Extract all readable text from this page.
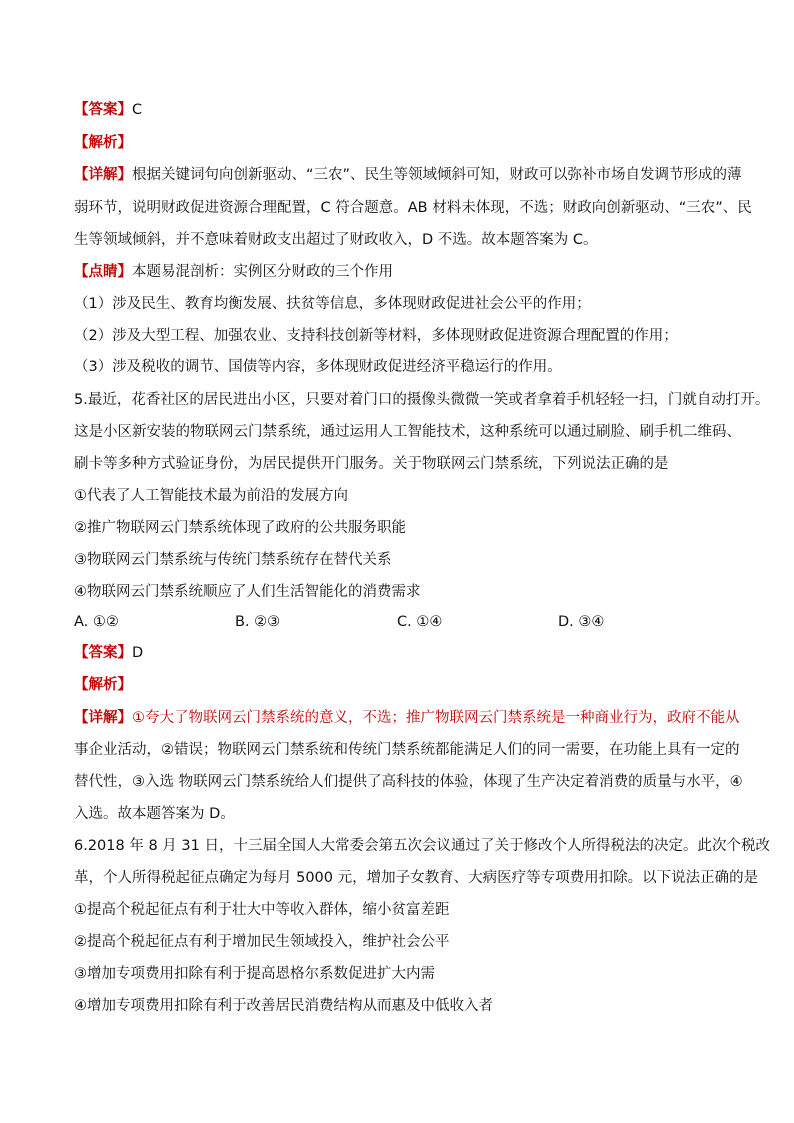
【答案】C
【解析】
【详解】根据关键词句向创新驱动、“三农”、民生等领域倾斜可知，财政可以弥补市场自发调节形成的薄
弱环节，说明财政促进资源合理配置，C 符合题意。AB 材料未体现，不选；财政向创新驱动、“三农”、民
生等领域倾斜，并不意味着财政支出超过了财政收入，D 不选。故本题答案为 C。
【点睛】本题易混剖析：实例区分财政的三个作用
（1）涉及民生、教育均衡发展、扶贫等信息，多体现财政促进社会公平的作用；
（2）涉及大型工程、加强农业、支持科技创新等材料，多体现财政促进资源合理配置的作用；
（3）涉及税收的调节、国债等内容，多体现财政促进经济平稳运行的作用。
5.最近，花香社区的居民进出小区，只要对着门口的摄像头微微一笑或者拿着手机轻轻一扫，门就自动打开。
这是小区新安装的物联网云门禁系统，通过运用人工智能技术，这种系统可以通过刷脸、刷手机二维码、
刷卡等多种方式验证身份，为居民提供开门服务。关于物联网云门禁系统，下列说法正确的是
①代表了人工智能技术最为前沿的发展方向
②推广物联网云门禁系统体现了政府的公共服务职能
③物联网云门禁系统与传统门禁系统存在替代关系
④物联网云门禁系统顺应了人们生活智能化的消费需求
A. ①②	B. ②③	C. ①④	D. ③④
【答案】D
【解析】
【详解】①夸大了物联网云门禁系统的意义，不选；推广物联网云门禁系统是一种商业行为，政府不能从
事企业活动，②错误；物联网云门禁系统和传统门禁系统都能满足人们的同一需要，在功能上具有一定的
替代性，③入选 物联网云门禁系统给人们提供了高科技的体验，体现了生产决定着消费的质量与水平，④
入选。故本题答案为 D。
6.2018 年 8 月 31 日，十三届全国人大常委会第五次会议通过了关于修改个人所得税法的决定。此次个税改
革，个人所得税起征点确定为每月 5000 元，增加子女教育、大病医疗等专项费用扣除。以下说法正确的是
①提高个税起征点有利于壮大中等收入群体，缩小贫富差距
②提高个税起征点有利于增加民生领域投入，维护社会公平
③增加专项费用扣除有利于提高恩格尔系数促进扩大内需
④增加专项费用扣除有利于改善居民消费结构从而惠及中低收入者
